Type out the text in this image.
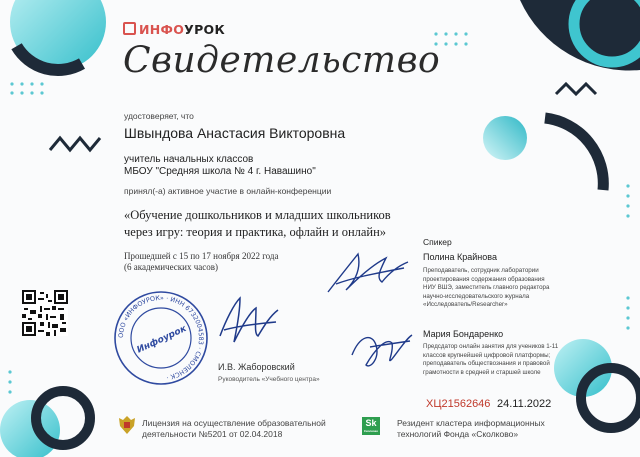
ИНФОУРОК
Свидетельство
удостоверяет, что
Швындова Анастасия Викторовна
учитель начальных классов
МБОУ "Средняя школа № 4 г. Навашино"
принял(-а) активное участие в онлайн-конференции
«Обучение дошкольников и младших школьников
через игру: теория и практика, офлайн и онлайн»
Прошедшей с 15 по 17 ноября 2022 года
(6 академических часов)
Спикер
Полина Крайнова
Преподаватель, сотрудник лаборатории
проектирования содержания образования
НИУ ВШЭ, заместитель главного редактора
научно-исследовательского журнала
«Исследователь/Researcher»
Мария Бондаренко
Предсдатор онлайн занятия для учеников 1-11
классов крупнейшей цифровой платформы;
преподаватель обществознания и правовой
грамотности в средней и старшей школе
И.В. Жаборовский
Руководитель «Учебного центра»
ООО «ИНФОУРОК» · ИНН 6732004583 · СМОЛЕНСК ·
Инфоурок
ХЦ21562646 24.11.2022
Лицензия на осуществление образовательной
деятельности №5201 от 02.04.2018
Sk
Сколково
Резидент кластера информационных
технологий Фонда «Сколково»
